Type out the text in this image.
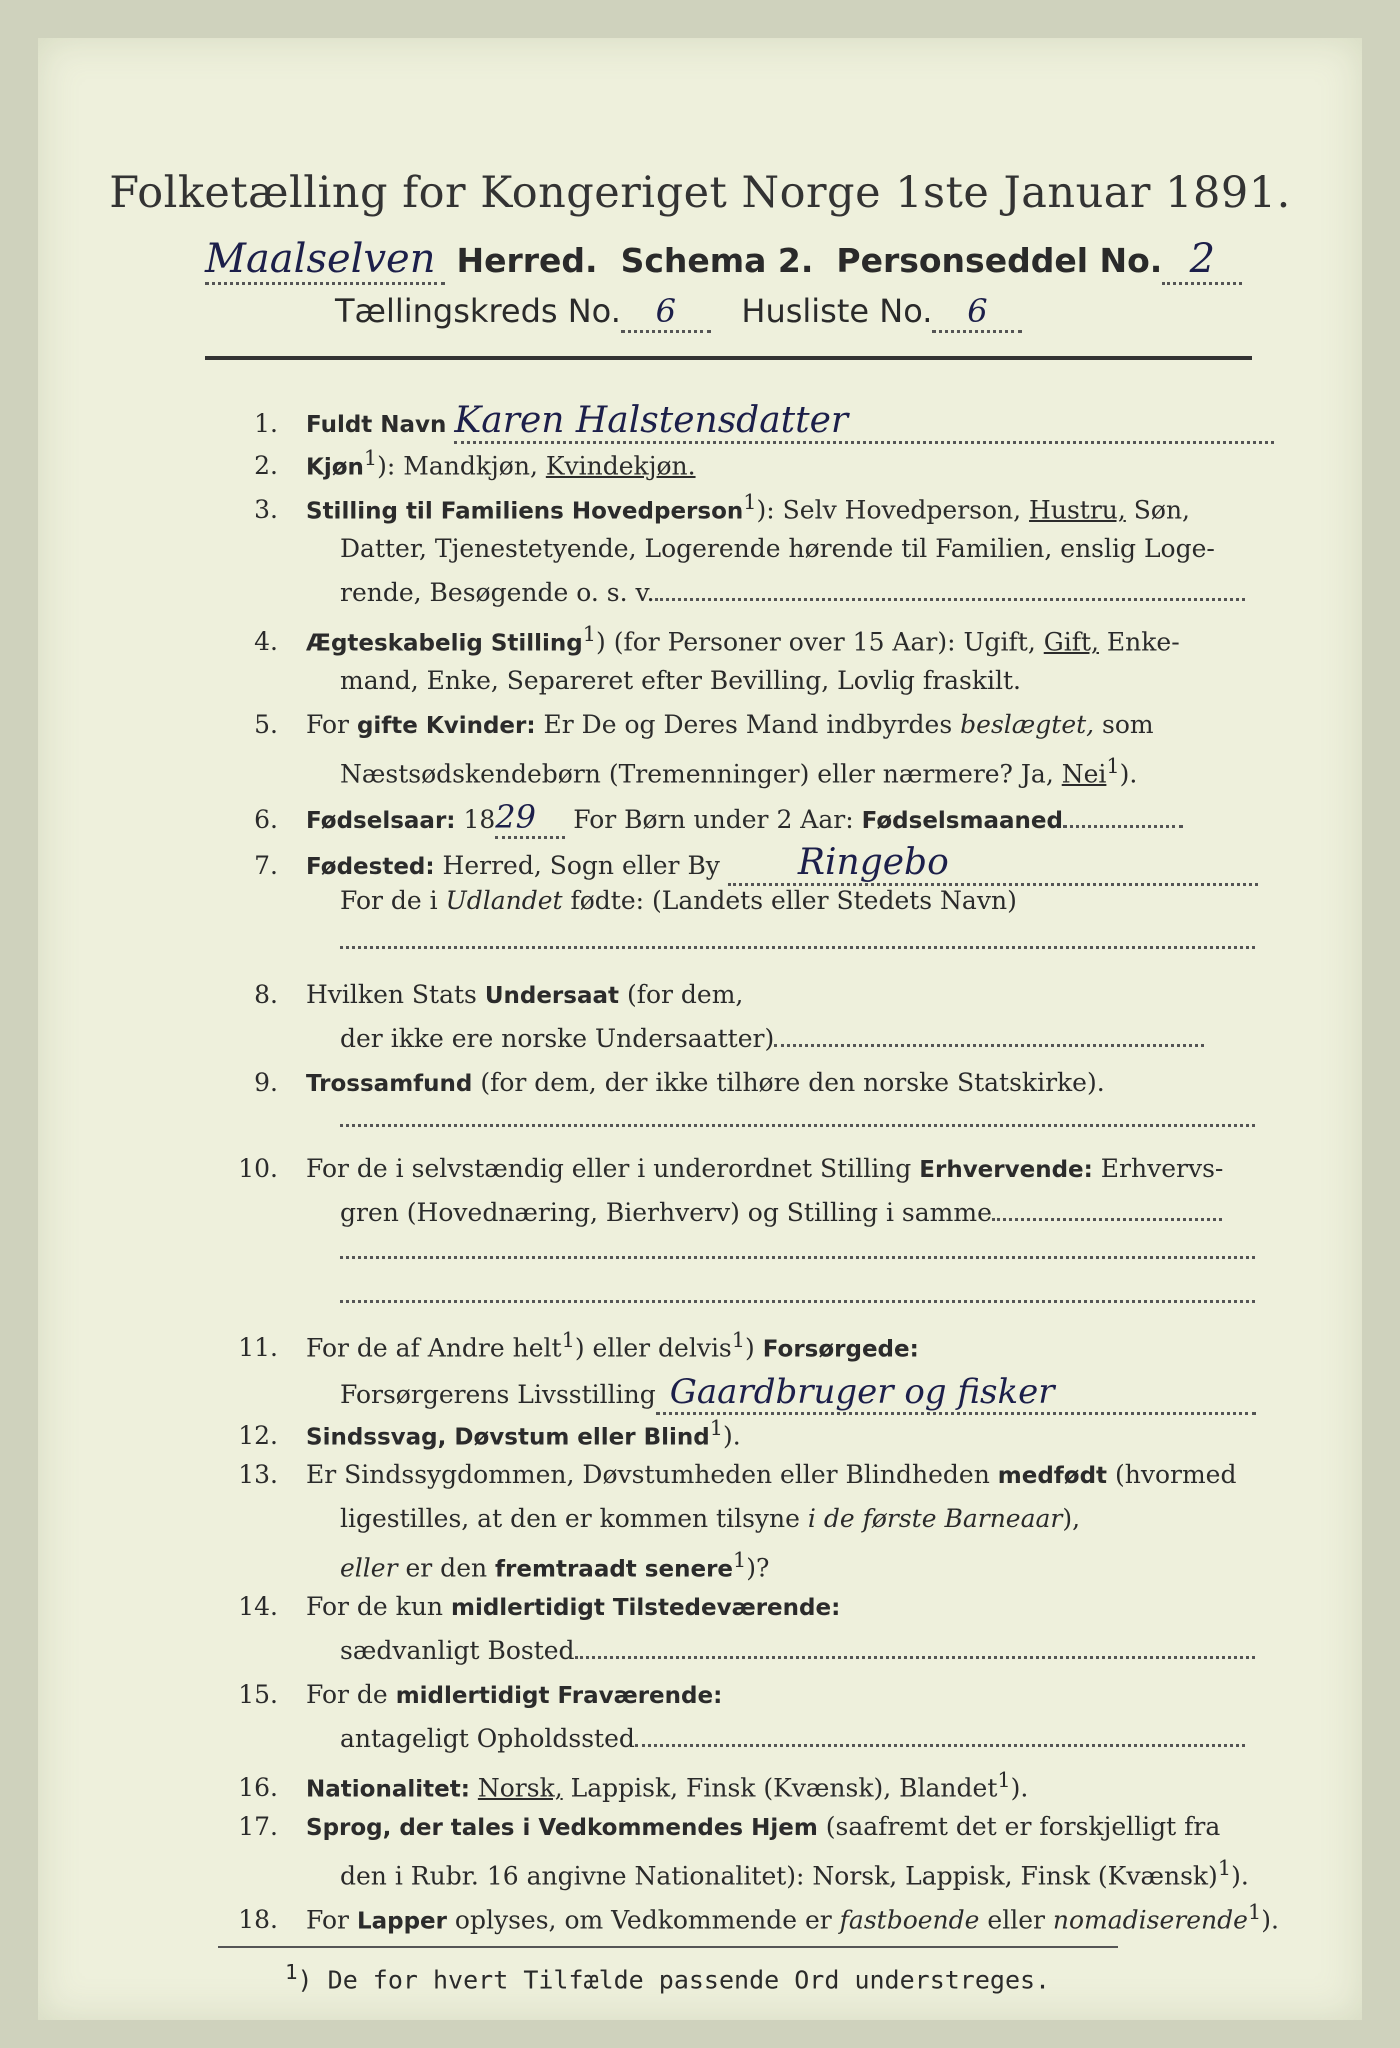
Folketælling for Kongeriget Norge 1ste Januar 1891.
Maalselven Herred. Schema 2. Personseddel No. 2
Tællingskreds No. 6 Husliste No. 6
1. Fuldt Navn Karen Halstensdatter
2. Kjøn$^1$): Mandkjøn, Kvindekjøn.
3. Stilling til Familiens Hovedperson$^1$): Selv Hovedperson, Hustru, Søn,
Datter, Tjenestetyende, Logerende hørende til Familien, enslig Loge-
rende, Besøgende o. s. v.
4. Ægteskabelig Stilling$^1$) (for Personer over 15 Aar): Ugift, Gift, Enke-
mand, Enke, Separeret efter Bevilling, Lovlig fraskilt.
5. For gifte Kvinder: Er De og Deres Mand indbyrdes beslægtet, som
Næstsødskendebørn (Tremenninger) eller nærmere? Ja, Nei$^1$).
6. Fødselsaar: 1829 For Børn under 2 Aar: Fødselsmaaned
7. Fødested: Herred, Sogn eller By Ringebo
For de i Udlandet fødte: (Landets eller Stedets Navn)
8. Hvilken Stats Undersaat (for dem,
der ikke ere norske Undersaatter)
9. Trossamfund (for dem, der ikke tilhøre den norske Statskirke).
10. For de i selvstændig eller i underordnet Stilling Erhvervende: Erhvervs-
gren (Hovednæring, Bierhverv) og Stilling i samme
11. For de af Andre helt$^1$) eller delvis$^1$) Forsørgede:
Forsørgerens Livsstilling Gaardbruger og fisker
12. Sindssvag, Døvstum eller Blind$^1$).
13. Er Sindssygdommen, Døvstumheden eller Blindheden medfødt (hvormed
ligestilles, at den er kommen tilsyne i de første Barneaar),
eller er den fremtraadt senere$^1$)?
14. For de kun midlertidigt Tilstedeværende:
sædvanligt Bosted
15. For de midlertidigt Fraværende:
antageligt Opholdssted
16. Nationalitet: Norsk, Lappisk, Finsk (Kvænsk), Blandet$^1$).
17. Sprog, der tales i Vedkommendes Hjem (saafremt det er forskjelligt fra
den i Rubr. 16 angivne Nationalitet): Norsk, Lappisk, Finsk (Kvænsk)$^1$).
18. For Lapper oplyses, om Vedkommende er fastboende eller nomadiserende$^1$).
$^1$) De for hvert Tilfælde passende Ord understreges.
